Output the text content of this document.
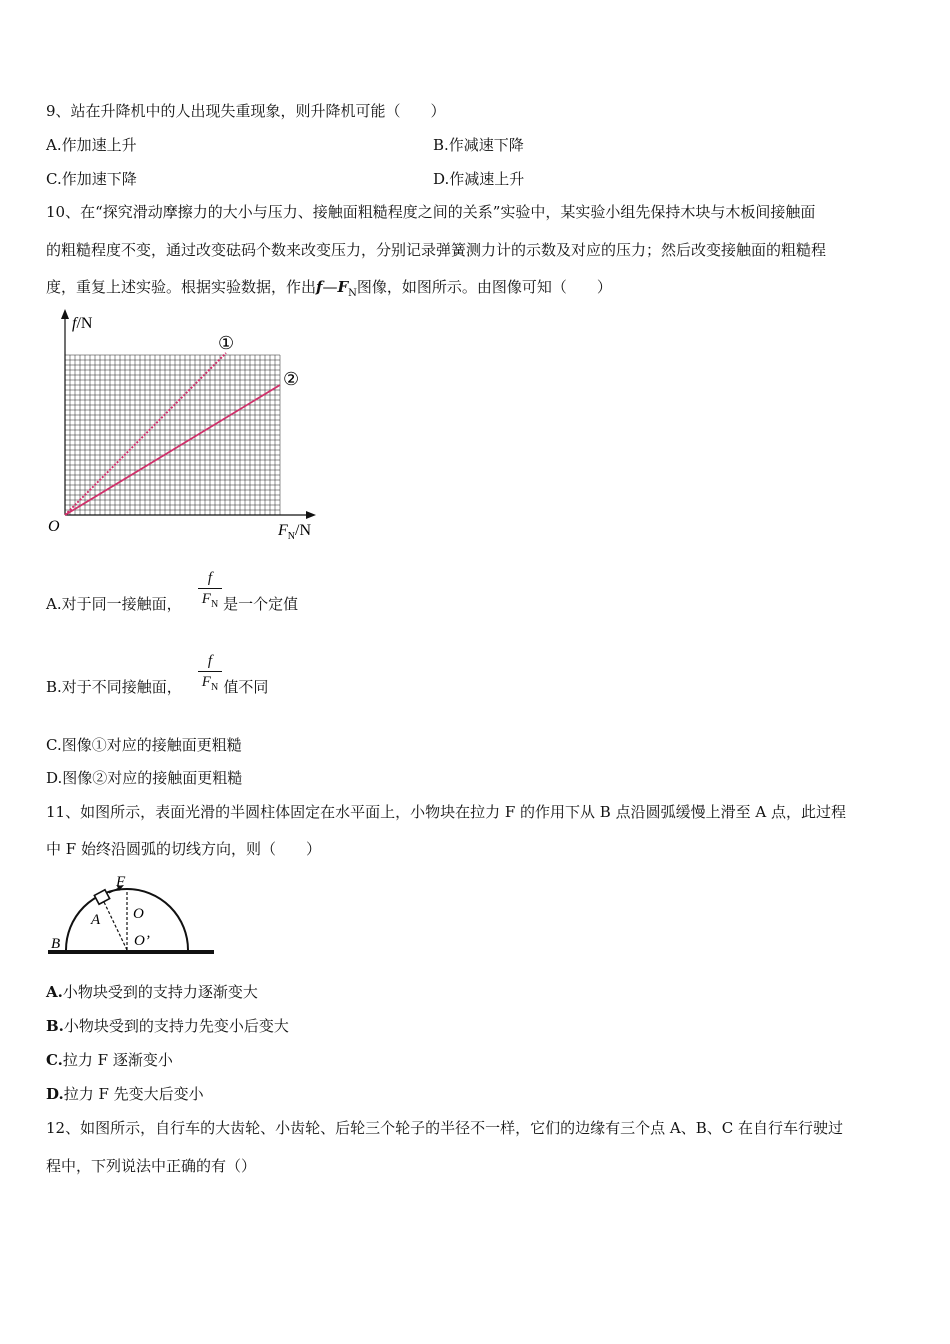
9、站在升降机中的人出现失重现象，则升降机可能（　　）
A.作加速上升	B.作减速下降
C.作加速下降	D.作减速上升
10、在“探究滑动摩擦力的大小与压力、接触面粗糙程度之间的关系”实验中，某实验小组先保持木块与木板间接触面
的粗糙程度不变，通过改变砝码个数来改变压力，分别记录弹簧测力计的示数及对应的压力；然后改变接触面的粗糙程
度，重复上述实验。根据实验数据，作出$f—F_N$图像，如图所示。由图像可知（　　）
f/N
$F_N/N$
O
①
②
A.对于同一接触面，	是一个定值
f
$F_N$
B.对于不同接触面，	值不同
f
$F_N$
C.图像①对应的接触面更粗糙
D.图像②对应的接触面更粗糙
11、如图所示，表面光滑的半圆柱体固定在水平面上，小物块在拉力 F 的作用下从 B 点沿圆弧缓慢上滑至 A 点，此过程
中 F 始终沿圆弧的切线方向，则（　　）
F
A O
O’
B
A.小物块受到的支持力逐渐变大
B.小物块受到的支持力先变小后变大
C.拉力 F 逐渐变小
D.拉力 F 先变大后变小
12、如图所示，自行车的大齿轮、小齿轮、后轮三个轮子的半径不一样，它们的边缘有三个点 A、B、C 在自行车行驶过
程中，下列说法中正确的有（）
